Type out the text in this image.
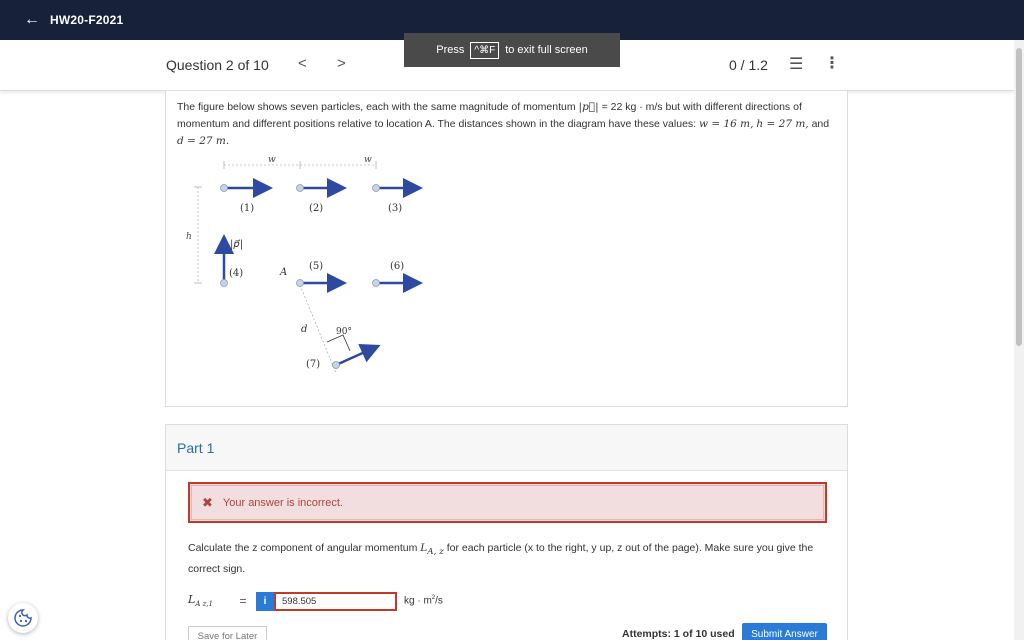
← HW20-F2021
Press	^⌘F to exit full screen
Question 2 of 10 < >	0 / 1.2 ☰ ⋮
The figure below shows seven particles, each with the same magnitude of momentum |p⃗| = 22 kg · m/s but with different directions of momentum and different positions relative to location A. The distances shown in the diagram have these values: w = 16 m, h = 27 m, and d = 27 m.
w	w
h
(1)	(2)	(3)
(4)
(5)	(6)
(7)
90°
A
d
|p⃗|
Part 1
✖ Your answer is incorrect.
Calculate the z component of angular momentum $L_{A, z}$ for each particle (x to the right, y up, z out of the page). Make sure you give the correct sign.
$L_{A z,1}$	=	i
598.505	kg · $m^2/s$
Save for Later	Attempts: 1 of 10 used	Submit Answer
